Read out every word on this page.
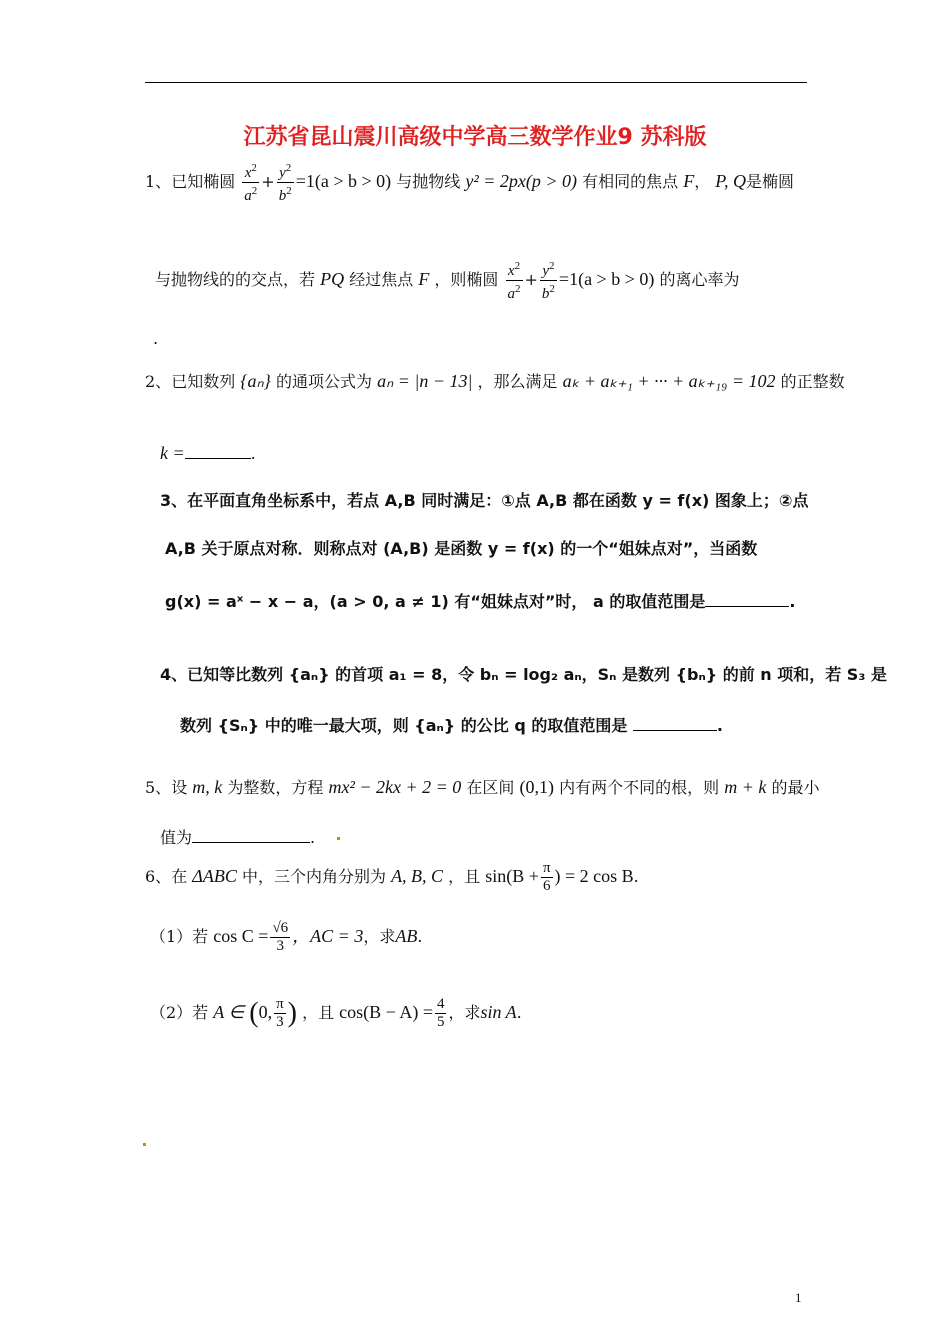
江苏省昆山震川高级中学高三数学作业9 苏科版
1、已知椭圆 $\frac{x^2}{a^2} + \frac{y^2}{b^2} =1(a > b > 0)$ 与抛物线 y² = 2px(p > 0) 有相同的焦点 F， P, Q是椭圆
与抛物线的的交点，若 PQ 经过焦点 F ，则椭圆 $\frac{x^2}{a^2} + \frac{y^2}{b^2} =1(a > b > 0)$ 的离心率为
.
2、已知数列 {aₙ} 的通项公式为 aₙ = |n − 13| ，那么满足 aₖ + aₖ₊₁ + ··· + aₖ₊₁₉ = 102 的正整数
k =	.
3、在平面直角坐标系中，若点 A,B 同时满足：①点 A,B 都在函数 y = f(x) 图象上；②点
A,B 关于原点对称．则称点对 (A,B) 是函数 y = f(x) 的一个“姐妹点对”，当函数
g(x) = aˣ − x − a，(a > 0, a ≠ 1) 有“姐妹点对”时， a 的取值范围是	.
4、已知等比数列 {aₙ} 的首项 a₁ = 8，令 bₙ = log₂ aₙ，Sₙ 是数列 {bₙ} 的前 n 项和，若 S₃ 是
数列 {Sₙ} 中的唯一最大项，则 {aₙ} 的公比 q 的取值范围是	.
5、设 m, k 为整数，方程 mx² − 2kx + 2 = 0 在区间 (0,1) 内有两个不同的根，则 m + k 的最小
值为	.
6、在 ΔABC 中，三个内角分别为 A, B, C ，且 $\sin(B + \frac{\pi}{6}$ ) = 2 cos B.
（1）若 $\cos C = \frac{√6}{3}$ ，AC = 3，求AB.
（2）若 A ∈ (0, $\frac{\pi}{3}$ ) ，且 $\cos(B - A) = \frac{4}{5}$ ，求sin A.
1
